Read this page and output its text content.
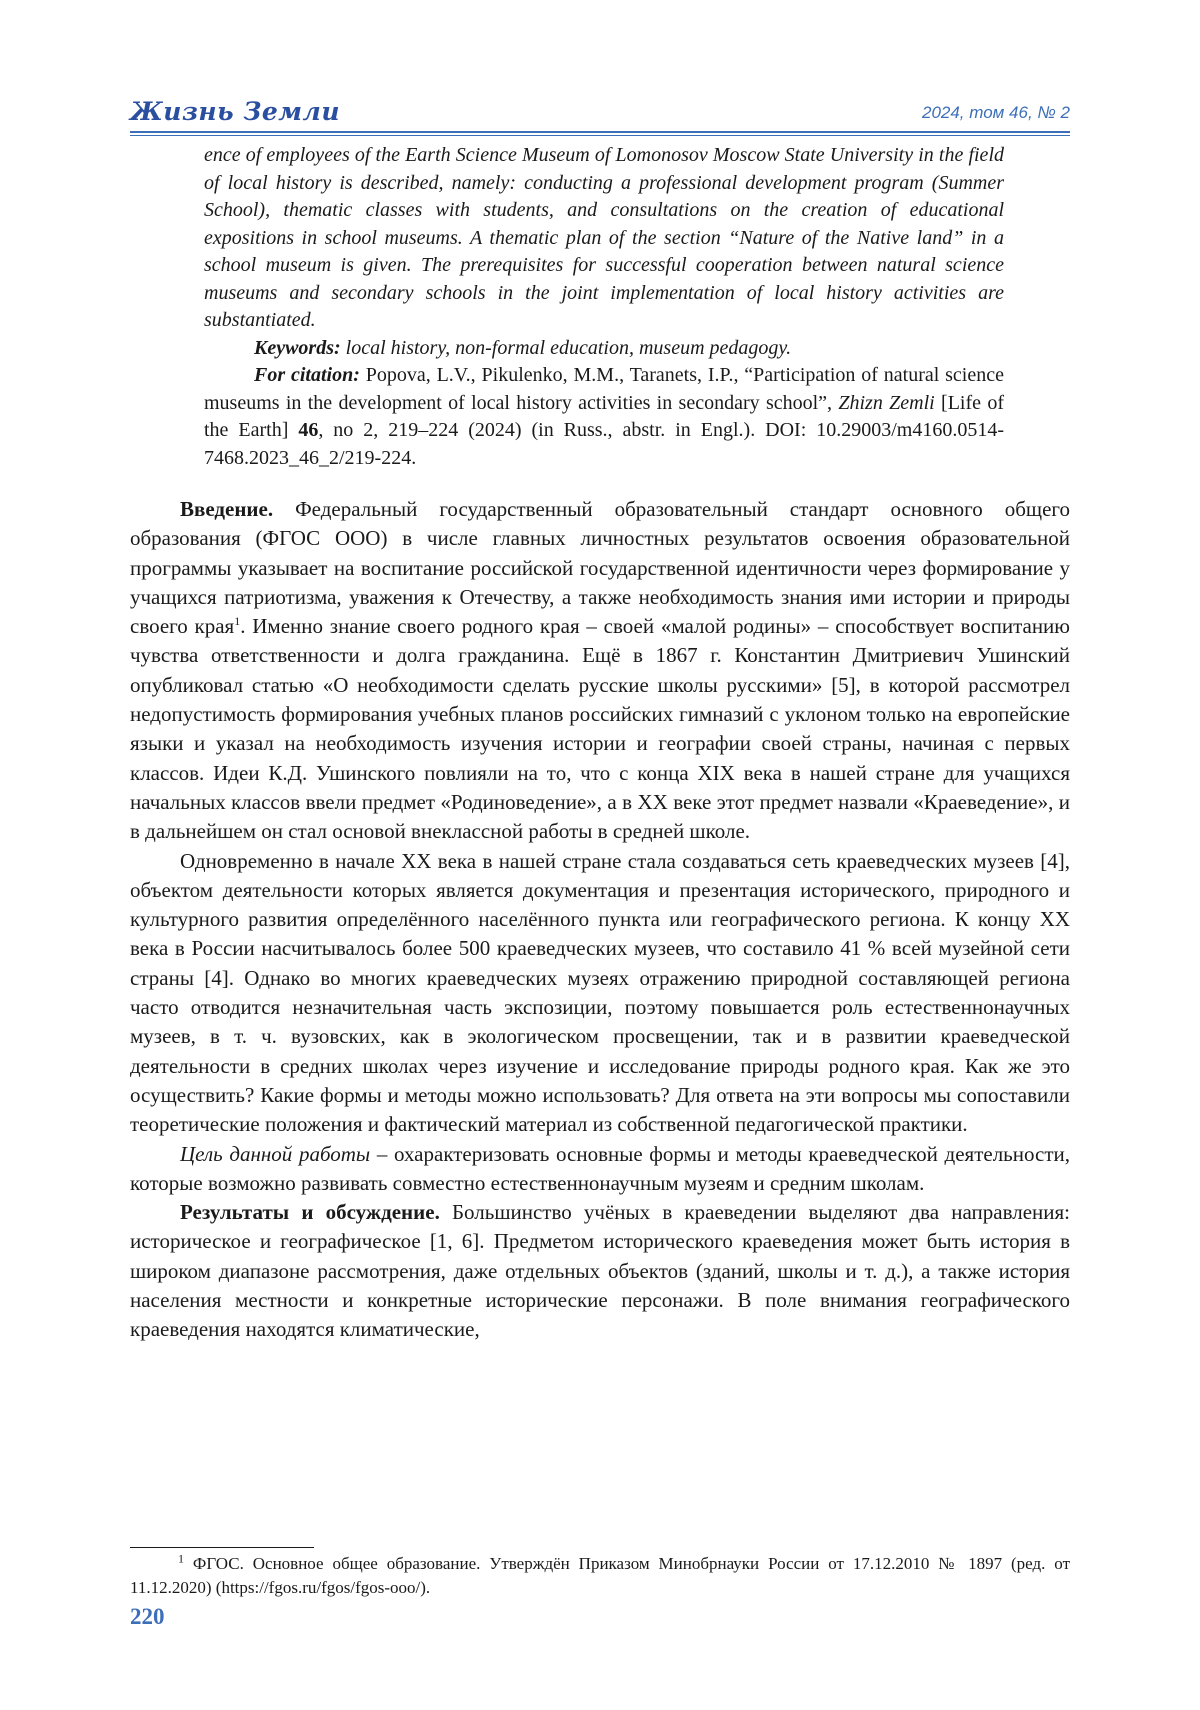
Жизнь Земли	2024, том 46, № 2

ence of employees of the Earth Science Museum of Lomonosov Moscow State University in the field of local history is described, namely: conducting a professional development program (Summer School), thematic classes with students, and consultations on the creation of educational expositions in school museums. A thematic plan of the section “Nature of the Native land” in a school museum is given. The prerequisites for successful cooperation between natural science museums and secondary schools in the joint implementation of local history activities are substantiated.

Keywords: local history, non-formal education, museum pedagogy.

For citation: Popova, L.V., Pikulenko, M.M., Taranets, I.P., “Participation of natural science museums in the development of local history activities in secondary school”, Zhizn Zemli [Life of the Earth] 46, no 2, 219–224 (2024) (in Russ., abstr. in Engl.). DOI: 10.29003/m4160.0514-7468.2023_46_2/219-224.

Введение. Федеральный государственный образовательный стандарт основного общего образования (ФГОС ООО) в числе главных личностных результатов освоения образовательной программы указывает на воспитание российской государственной идентичности через формирование у учащихся патриотизма, уважения к Отечеству, а также необходимость знания ими истории и природы своего края$^1$. Именно знание своего родного края – своей «малой родины» – способствует воспитанию чувства ответственности и долга гражданина. Ещё в 1867 г. Константин Дмитриевич Ушинский опубликовал статью «О необходимости сделать русские школы русскими» [5], в которой рассмотрел недопустимость формирования учебных планов российских гимназий с уклоном только на европейские языки и указал на необходимость изучения истории и географии своей страны, начиная с первых классов. Идеи К.Д. Ушинского повлияли на то, что с конца XIX века в нашей стране для учащихся начальных классов ввели предмет «Родиноведение», а в XX веке этот предмет назвали «Краеведение», и в дальнейшем он стал основой внеклассной работы в средней школе.

Одновременно в начале XX века в нашей стране стала создаваться сеть краеведческих музеев [4], объектом деятельности которых является документация и презентация исторического, природного и культурного развития определённого населённого пункта или географического региона. К концу XX века в России насчитывалось более 500 краеведческих музеев, что составило 41 % всей музейной сети страны [4]. Однако во многих краеведческих музеях отражению природной составляющей региона часто отводится незначительная часть экспозиции, поэтому повышается роль естественнонаучных музеев, в т. ч. вузовских, как в экологическом просвещении, так и в развитии краеведческой деятельности в средних школах через изучение и исследование природы родного края. Как же это осуществить? Какие формы и методы можно использовать? Для ответа на эти вопросы мы сопоставили теоретические положения и фактический материал из собственной педагогической практики.

Цель данной работы – охарактеризовать основные формы и методы краеведческой деятельности, которые возможно развивать совместно естественнонаучным музеям и средним школам.

Результаты и обсуждение. Большинство учёных в краеведении выделяют два направления: историческое и географическое [1, 6]. Предметом исторического краеведения может быть история в широком диапазоне рассмотрения, даже отдельных объектов (зданий, школы и т. д.), а также история населения местности и конкретные исторические персонажи. В поле внимания географического краеведения находятся климатические,

$^1$ ФГОС. Основное общее образование. Утверждён Приказом Минобрнауки России от 17.12.2010 № 1897 (ред. от 11.12.2020) (https://fgos.ru/fgos/fgos-ooo/).

220
